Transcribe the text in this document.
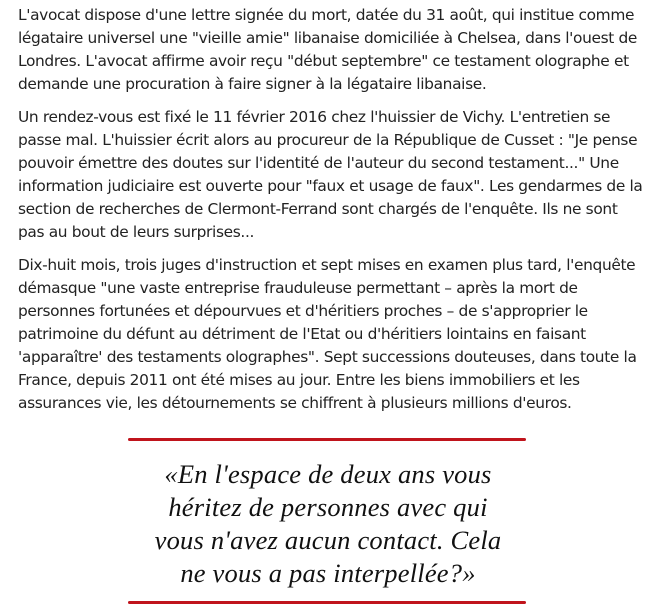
L'avocat dispose d'une lettre signée du mort, datée du 31 août, qui institue comme légataire universel une "vieille amie" libanaise domiciliée à Chelsea, dans l'ouest de Londres. L'avocat affirme avoir reçu "début septembre" ce testament olographe et demande une procuration à faire signer à la légataire libanaise.

Un rendez-vous est fixé le 11 février 2016 chez l'huissier de Vichy. L'entretien se passe mal. L'huissier écrit alors au procureur de la République de Cusset : "Je pense pouvoir émettre des doutes sur l'identité de l'auteur du second testament..." Une information judiciaire est ouverte pour "faux et usage de faux". Les gendarmes de la section de recherches de Clermont-Ferrand sont chargés de l'enquête. Ils ne sont pas au bout de leurs surprises...

Dix-huit mois, trois juges d'instruction et sept mises en examen plus tard, l'enquête démasque "une vaste entreprise frauduleuse permettant – après la mort de personnes fortunées et dépourvues et d'héritiers proches – de s'approprier le patrimoine du défunt au détriment de l'Etat ou d'héritiers lointains en faisant 'apparaître' des testaments olographes". Sept successions douteuses, dans toute la France, depuis 2011 ont été mises au jour. Entre les biens immobiliers et les assurances vie, les détournements se chiffrent à plusieurs millions d'euros.

«En l'espace de deux ans vous
héritez de personnes avec qui
vous n'avez aucun contact. Cela
ne vous a pas interpellée?»
